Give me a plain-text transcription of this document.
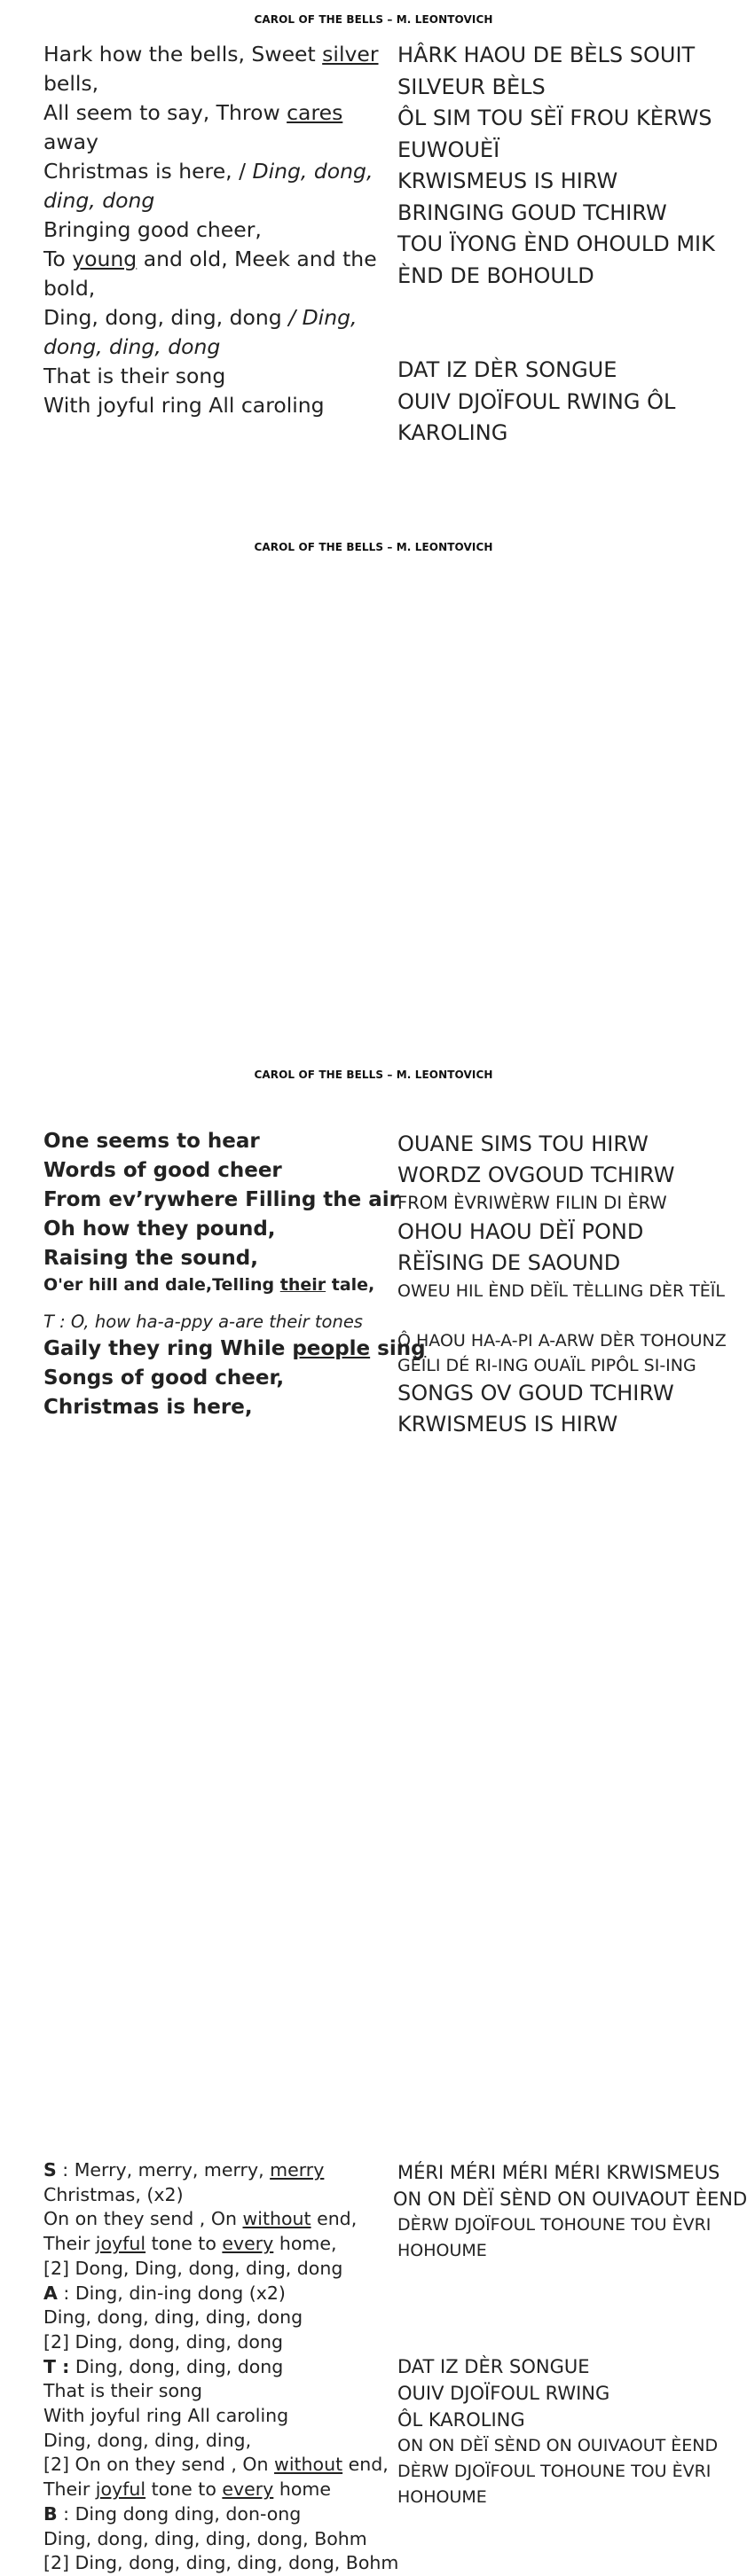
CAROL OF THE BELLS – M. LEONTOVICH
Hark how the bells, Sweet silver
bells,
All seem to say, Throw cares
away
Christmas is here, / Ding, dong,
ding, dong
Bringing good cheer,
To young and old, Meek and the
bold,
Ding, dong, ding, dong / Ding,
dong, ding, dong
That is their song
With joyful ring All caroling
HÂRK HAOU DE BÈLS SOUIT
SILVEUR BÈLS
ÔL SIM TOU SÈÏ FROU KÈRWS
EUWOUÈÏ
KRWISMEUS IS HIRW
BRINGING GOUD TCHIRW
TOU ÏYONG ÈND OHOULD MIK
ÈND DE BOHOULD
DAT IZ DÈR SONGUE
OUIV DJOÏFOUL RWING ÔL
KAROLING
CAROL OF THE BELLS – M. LEONTOVICH
One seems to hear
Words of good cheer
From ev’rywhere Filling the air
Oh how they pound,
Raising the sound,
O'er hill and dale,Telling their tale,
T : O, how ha-a-ppy a-are their tones
Gaily they ring While people sing
Songs of good cheer,
Christmas is here,
OUANE SIMS TOU HIRW
WORDZ OVGOUD TCHIRW
FROM ÈVRIWÈRW FILIN DI ÈRW
OHOU HAOU DÈÏ POND
RÈÏSING DE SAOUND
OWEU HIL ÈND DÈÏL TÈLLING DÈR TÈÏL
Ô HAOU HA-A-PI A-ARW DÈR TOHOUNZ
GÈÏLI DÉ RI-ING OUAÏL PIPÔL SI-ING
SONGS OV GOUD TCHIRW
KRWISMEUS IS HIRW
CAROL OF THE BELLS – M. LEONTOVICH
S : Merry, merry, merry, merry
Christmas, (x2)
On on they send , On without end,
Their joyful tone to every home,
[2] Dong, Ding, dong, ding, dong
A : Ding, din-ing dong (x2)
Ding, dong, ding, ding, dong
[2] Ding, dong, ding, dong
T : Ding, dong, ding, dong
That is their song
With joyful ring All caroling
Ding, dong, ding, ding,
[2] On on they send , On without end,
Their joyful tone to every home
B : Ding dong ding, don-ong
Ding, dong, ding, ding, dong, Bohm
[2] Ding, dong, ding, ding, dong, Bohm
MÉRI MÉRI MÉRI MÉRI KRWISMEUS
ON ON DÈÏ SÈND ON OUIVAOUT ÈEND
DÈRW DJOÏFOUL TOHOUNE TOU ÈVRI
HOHOUME
DAT IZ DÈR SONGUE
OUIV DJOÏFOUL RWING
ÔL KAROLING
ON ON DÈÏ SÈND ON OUIVAOUT ÈEND
DÈRW DJOÏFOUL TOHOUNE TOU ÈVRI
HOHOUME
